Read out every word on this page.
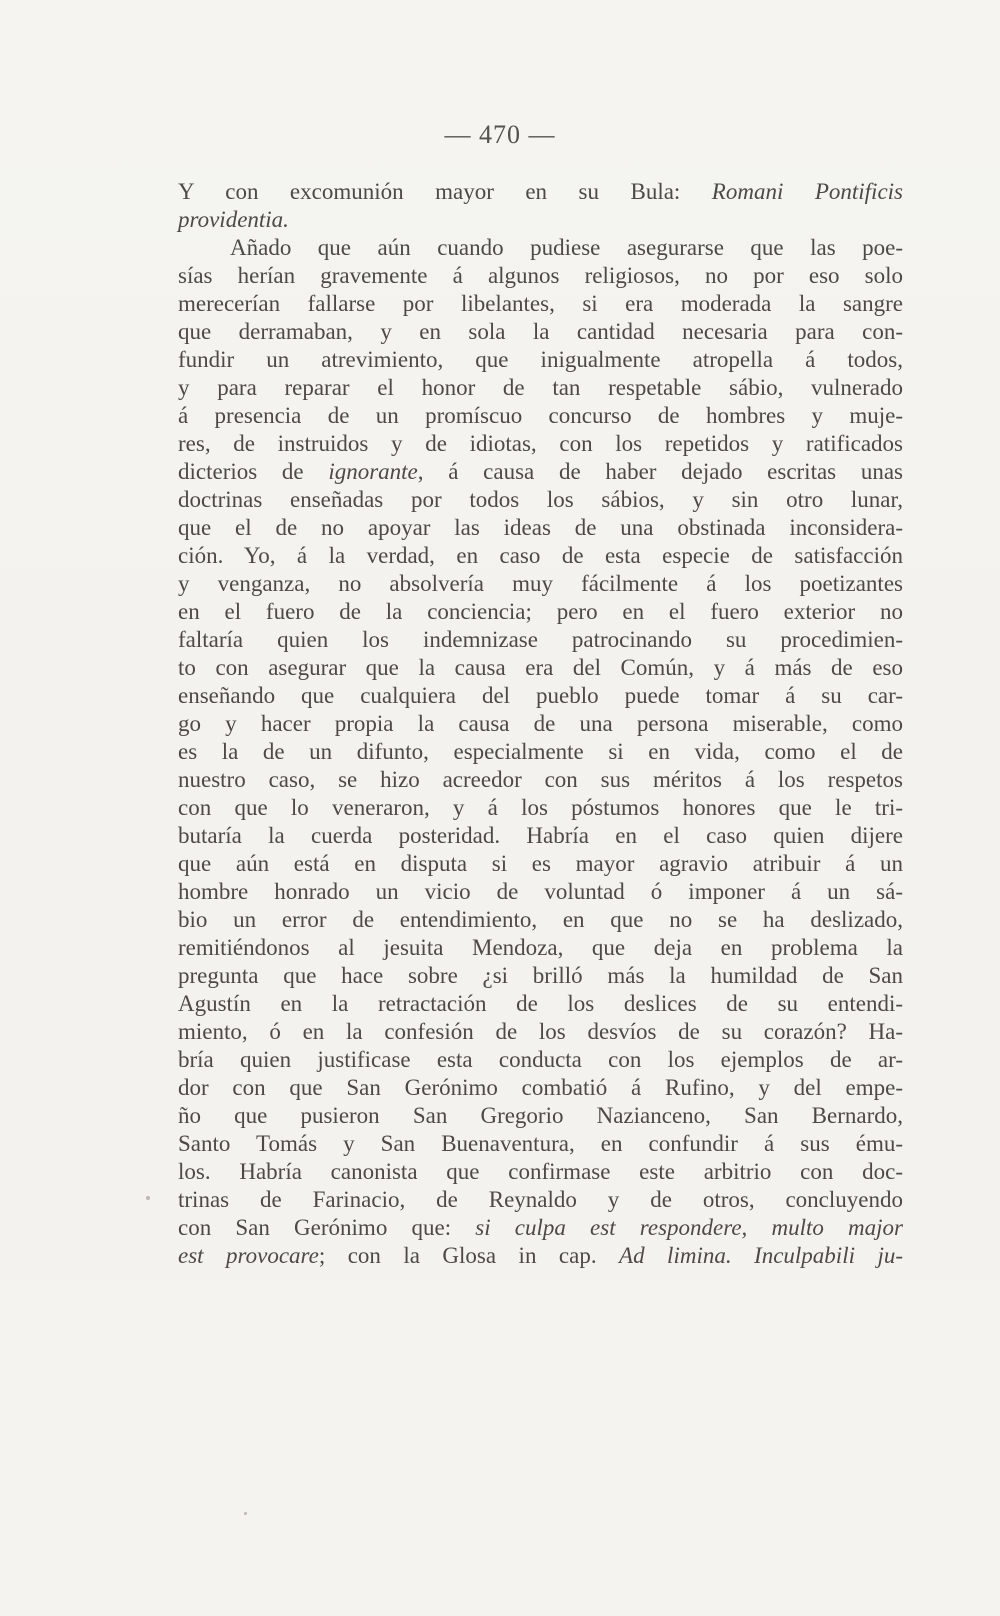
— 470 —
Y con excomunión mayor en su Bula: Romani Pontificis
providentia.
Añado que aún cuando pudiese asegurarse que las poe-
sías herían gravemente á algunos religiosos, no por eso solo
merecerían fallarse por libelantes, si era moderada la sangre
que derramaban, y en sola la cantidad necesaria para con-
fundir un atrevimiento, que inigualmente atropella á todos,
y para reparar el honor de tan respetable sábio, vulnerado
á presencia de un promíscuo concurso de hombres y muje-
res, de instruidos y de idiotas, con los repetidos y ratificados
dicterios de ignorante, á causa de haber dejado escritas unas
doctrinas enseñadas por todos los sábios, y sin otro lunar,
que el de no apoyar las ideas de una obstinada inconsidera-
ción. Yo, á la verdad, en caso de esta especie de satisfacción
y venganza, no absolvería muy fácilmente á los poetizantes
en el fuero de la conciencia; pero en el fuero exterior no
faltaría quien los indemnizase patrocinando su procedimien-
to con asegurar que la causa era del Común, y á más de eso
enseñando que cualquiera del pueblo puede tomar á su car-
go y hacer propia la causa de una persona miserable, como
es la de un difunto, especialmente si en vida, como el de
nuestro caso, se hizo acreedor con sus méritos á los respetos
con que lo veneraron, y á los póstumos honores que le tri-
butaría la cuerda posteridad. Habría en el caso quien dijere
que aún está en disputa si es mayor agravio atribuir á un
hombre honrado un vicio de voluntad ó imponer á un sá-
bio un error de entendimiento, en que no se ha deslizado,
remitiéndonos al jesuita Mendoza, que deja en problema la
pregunta que hace sobre ¿si brilló más la humildad de San
Agustín en la retractación de los deslices de su entendi-
miento, ó en la confesión de los desvíos de su corazón? Ha-
bría quien justificase esta conducta con los ejemplos de ar-
dor con que San Gerónimo combatió á Rufino, y del empe-
ño que pusieron San Gregorio Nazianceno, San Bernardo,
Santo Tomás y San Buenaventura, en confundir á sus ému-
los. Habría canonista que confirmase este arbitrio con doc-
trinas de Farinacio, de Reynaldo y de otros, concluyendo
con San Gerónimo que: si culpa est respondere, multo major
est provocare; con la Glosa in cap. Ad limina. Inculpabili ju-
